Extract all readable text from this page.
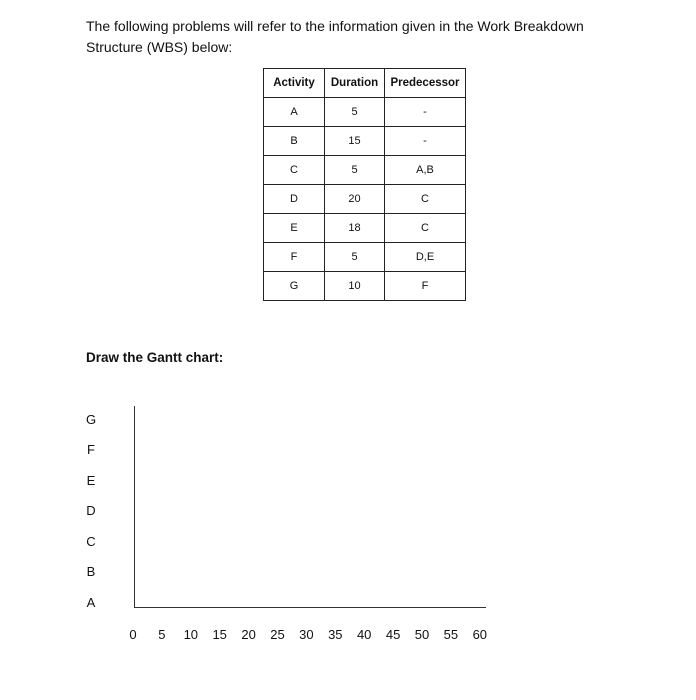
The following problems will refer to the information given in the Work Breakdown Structure (WBS) below:
Activity	Duration	Predecessor
A	5	-
B	15	-
C	5	A,B
D	20	C
E	18	C
F	5	D,E
G	10	F
Draw the Gantt chart:
G
F
E
D
C
B
A
0	5	10	15	20	25	30	35	40	45	50	55	60
